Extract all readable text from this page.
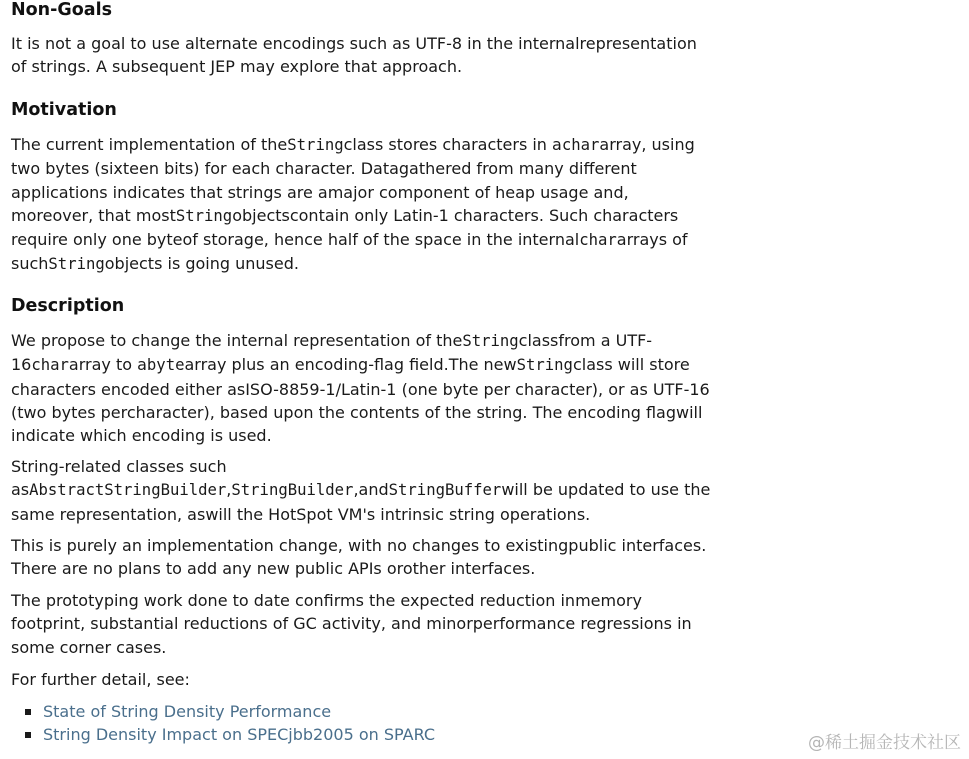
Non-Goals

It is not a goal to use alternate encodings such as UTF-8 in the internalrepresentation of strings. A subsequent JEP may explore that approach.

Motivation

The current implementation of theStringclass stores characters in achararray, using two bytes (sixteen bits) for each character. Datagathered from many different applications indicates that strings are amajor component of heap usage and, moreover, that mostStringobjectscontain only Latin-1 characters. Such characters require only one byteof storage, hence half of the space in the internalchararrays of suchStringobjects is going unused.

Description

We propose to change the internal representation of theStringclassfrom a UTF-16chararray to abytearray plus an encoding-flag field.The newStringclass will store characters encoded either asISO-8859-1/Latin-1 (one byte per character), or as UTF-16 (two bytes percharacter), based upon the contents of the string. The encoding flagwill indicate which encoding is used.

String-related classes such asAbstractStringBuilder,StringBuilder,andStringBufferwill be updated to use the same representation, aswill the HotSpot VM's intrinsic string operations.

This is purely an implementation change, with no changes to existingpublic interfaces. There are no plans to add any new public APIs orother interfaces.

The prototyping work done to date confirms the expected reduction inmemory footprint, substantial reductions of GC activity, and minorperformance regressions in some corner cases.

For further detail, see:

State of String Density Performance
String Density Impact on SPECjbb2005 on SPARC	@稀土掘金技术社区
